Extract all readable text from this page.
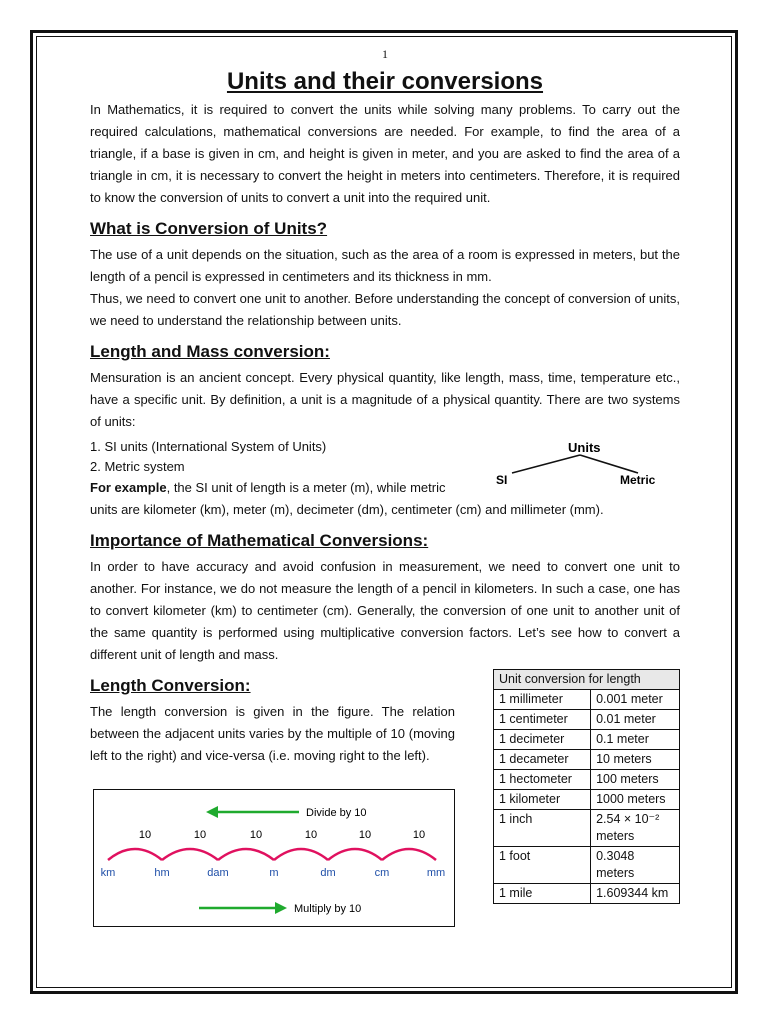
1
Units and their conversions

In Mathematics, it is required to convert the units while solving many problems. To carry out the required calculations, mathematical conversions are needed. For example, to find the area of a triangle, if a base is given in cm, and height is given in meter, and you are asked to find the area of a triangle in cm, it is necessary to convert the height in meters into centimeters. Therefore, it is required to know the conversion of units to convert a unit into the required unit.

What is Conversion of Units?

The use of a unit depends on the situation, such as the area of a room is expressed in meters, but the length of a pencil is expressed in centimeters and its thickness in mm.

Thus, we need to convert one unit to another. Before understanding the concept of conversion of units, we need to understand the relationship between units.

Length and Mass conversion:

Mensuration is an ancient concept. Every physical quantity, like length, mass, time, temperature etc., have a specific unit. By definition, a unit is a magnitude of a physical quantity. There are two systems of units:

1. SI units (International System of Units)
2. Metric system
For example, the SI unit of length is a meter (m), while metric
units are kilometer (km), meter (m), decimeter (dm), centimeter (cm) and millimeter (mm).
Units
SI	Metric
Importance of Mathematical Conversions:

In order to have accuracy and avoid confusion in measurement, we need to convert one unit to another. For instance, we do not measure the length of a pencil in kilometers. In such a case, one has to convert kilometer (km) to centimeter (cm). Generally, the conversion of one unit to another unit of the same quantity is performed using multiplicative conversion factors. Let’s see how to convert a different unit of length and mass.

Length Conversion:

The length conversion is given in the figure. The relation between the adjacent units varies by the multiple of 10 (moving left to the right) and vice-versa (i.e. moving right to the left).

Unit conversion for length	
1 millimeter	0.001 meter
1 centimeter	0.01 meter
1 decimeter	0.1 meter
1 decameter	10 meters
1 hectometer	100 meters
1 kilometer	1000 meters
1 inch	2.54 × 10⁻² meters
1 foot	0.3048 meters
1 mile	1.609344 km
Divide by 10
10	10	10	10	10	10
km	hm	dam	m	dm	cm	mm
Multiply by 10
